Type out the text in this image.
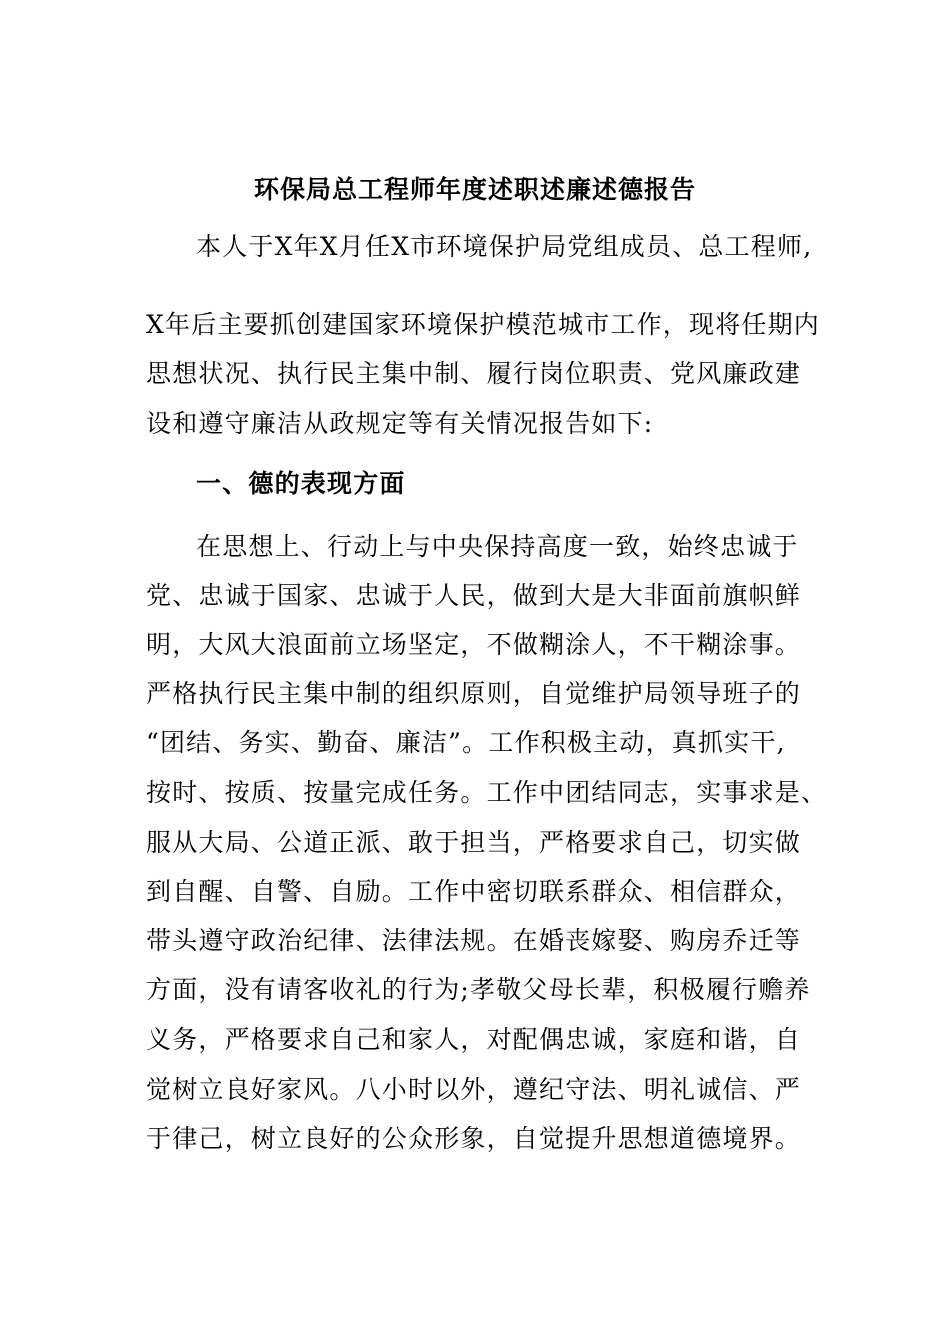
环保局总工程师年度述职述廉述德报告
本人于X年X月任X市环境保护局党组成员、总工程师,
X年后主要抓创建国家环境保护模范城市工作，现将任期内
思想状况、执行民主集中制、履行岗位职责、党风廉政建
设和遵守廉洁从政规定等有关情况报告如下:
一、德的表现方面
在思想上、行动上与中央保持高度一致，始终忠诚于
党、忠诚于国家、忠诚于人民，做到大是大非面前旗帜鲜
明，大风大浪面前立场坚定，不做糊涂人，不干糊涂事。
严格执行民主集中制的组织原则，自觉维护局领导班子的
“团结、务实、勤奋、廉洁”。工作积极主动，真抓实干,
按时、按质、按量完成任务。工作中团结同志，实事求是、
服从大局、公道正派、敢于担当，严格要求自己，切实做
到自醒、自警、自励。工作中密切联系群众、相信群众，
带头遵守政治纪律、法律法规。在婚丧嫁娶、购房乔迁等
方面，没有请客收礼的行为;孝敬父母长辈，积极履行赡养
义务，严格要求自己和家人，对配偶忠诚，家庭和谐，自
觉树立良好家风。八小时以外，遵纪守法、明礼诚信、严
于律己，树立良好的公众形象，自觉提升思想道德境界。
